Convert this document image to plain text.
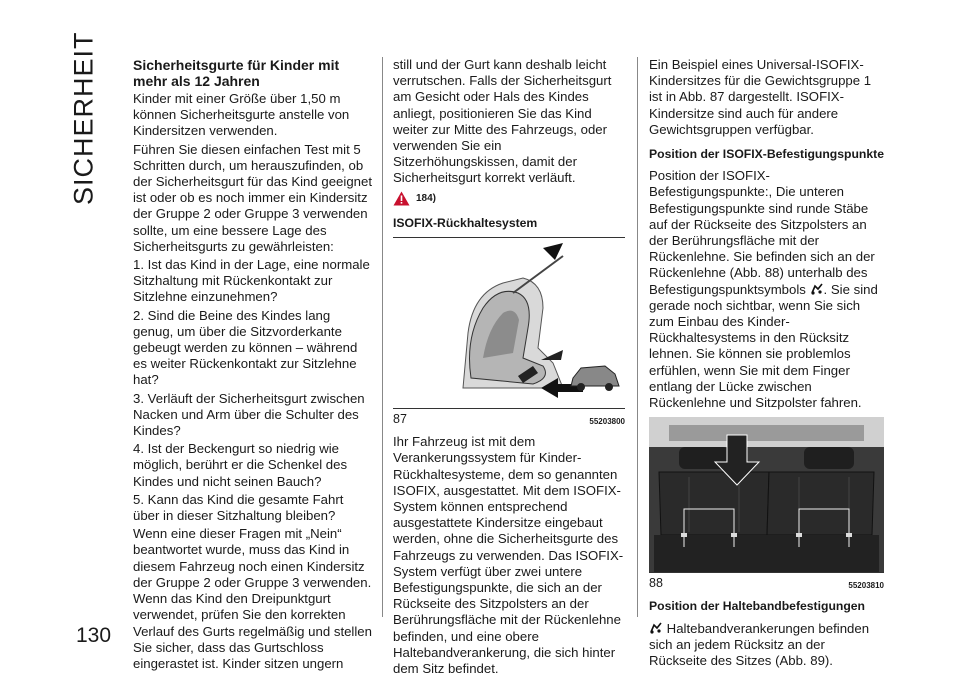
SICHERHEIT
130
Sicherheitsgurte für Kinder mit mehr als 12 Jahren

Kinder mit einer Größe über 1,50 m können Sicherheitsgurte anstelle von Kindersitzen verwenden.

Führen Sie diesen einfachen Test mit 5 Schritten durch, um herauszufinden, ob der Sicherheitsgurt für das Kind geeignet ist oder ob es noch immer ein Kindersitz der Gruppe 2 oder Gruppe 3 verwenden sollte, um eine bessere Lage des Sicherheitsgurts zu gewährleisten:

1. Ist das Kind in der Lage, eine normale Sitzhaltung mit Rückenkontakt zur Sitzlehne einzunehmen?

2. Sind die Beine des Kindes lang genug, um über die Sitzvorderkante gebeugt werden zu können – während es weiter Rückenkontakt zur Sitzlehne hat?

3. Verläuft der Sicherheitsgurt zwischen Nacken und Arm über die Schulter des Kindes?

4. Ist der Beckengurt so niedrig wie möglich, berührt er die Schenkel des Kindes und nicht seinen Bauch?

5. Kann das Kind die gesamte Fahrt über in dieser Sitzhaltung bleiben?

Wenn eine dieser Fragen mit „Nein“ beantwortet wurde, muss das Kind in diesem Fahrzeug noch einen Kindersitz der Gruppe 2 oder Gruppe 3 verwenden. Wenn das Kind den Dreipunktgurt verwendet, prüfen Sie den korrekten Verlauf des Gurts regelmäßig und stellen Sie sicher, dass das Gurtschloss eingerastet ist. Kinder sitzen ungern

still und der Gurt kann deshalb leicht verrutschen. Falls der Sicherheitsgurt am Gesicht oder Hals des Kindes anliegt, positionieren Sie das Kind weiter zur Mitte des Fahrzeugs, oder verwenden Sie ein Sitzerhöhungskissen, damit der Sicherheitsgurt korrekt verläuft.

184)
ISOFIX-Rückhaltesystem
87	55203800

Ihr Fahrzeug ist mit dem Verankerungssystem für Kinder-Rückhaltesysteme, dem so genannten ISOFIX, ausgestattet. Mit dem ISOFIX-System können entsprechend ausgestattete Kindersitze eingebaut werden, ohne die Sicherheitsgurte des Fahrzeugs zu verwenden. Das ISOFIX-System verfügt über zwei untere Befestigungspunkte, die sich an der Rückseite des Sitzpolsters an der Berührungsfläche mit der Rückenlehne befinden, und eine obere Haltebandverankerung, die sich hinter dem Sitz befindet.

Ein Beispiel eines Universal-ISOFIX-Kindersitzes für die Gewichtsgruppe 1 ist in Abb. 87 dargestellt. ISOFIX-Kindersitze sind auch für andere Gewichtsgruppen verfügbar.

Position der ISOFIX-Befestigungspunkte

Position der ISOFIX-Befestigungspunkte:, Die unteren Befestigungspunkte sind runde Stäbe auf der Rückseite des Sitzpolsters an der Berührungsfläche mit der Rückenlehne. Sie befinden sich an der Rückenlehne (Abb. 88) unterhalb des Befestigungspunktsymbols . Sie sind gerade noch sichtbar, wenn Sie sich zum Einbau des Kinder-Rückhaltesystems in den Rücksitz lehnen. Sie können sie problemlos erfühlen, wenn Sie mit dem Finger entlang der Lücke zwischen Rückenlehne und Sitzpolster fahren.

88	55203810
Position der Haltebandbefestigungen

Haltebandverankerungen befinden sich an jedem Rücksitz an der Rückseite des Sitzes (Abb. 89).
